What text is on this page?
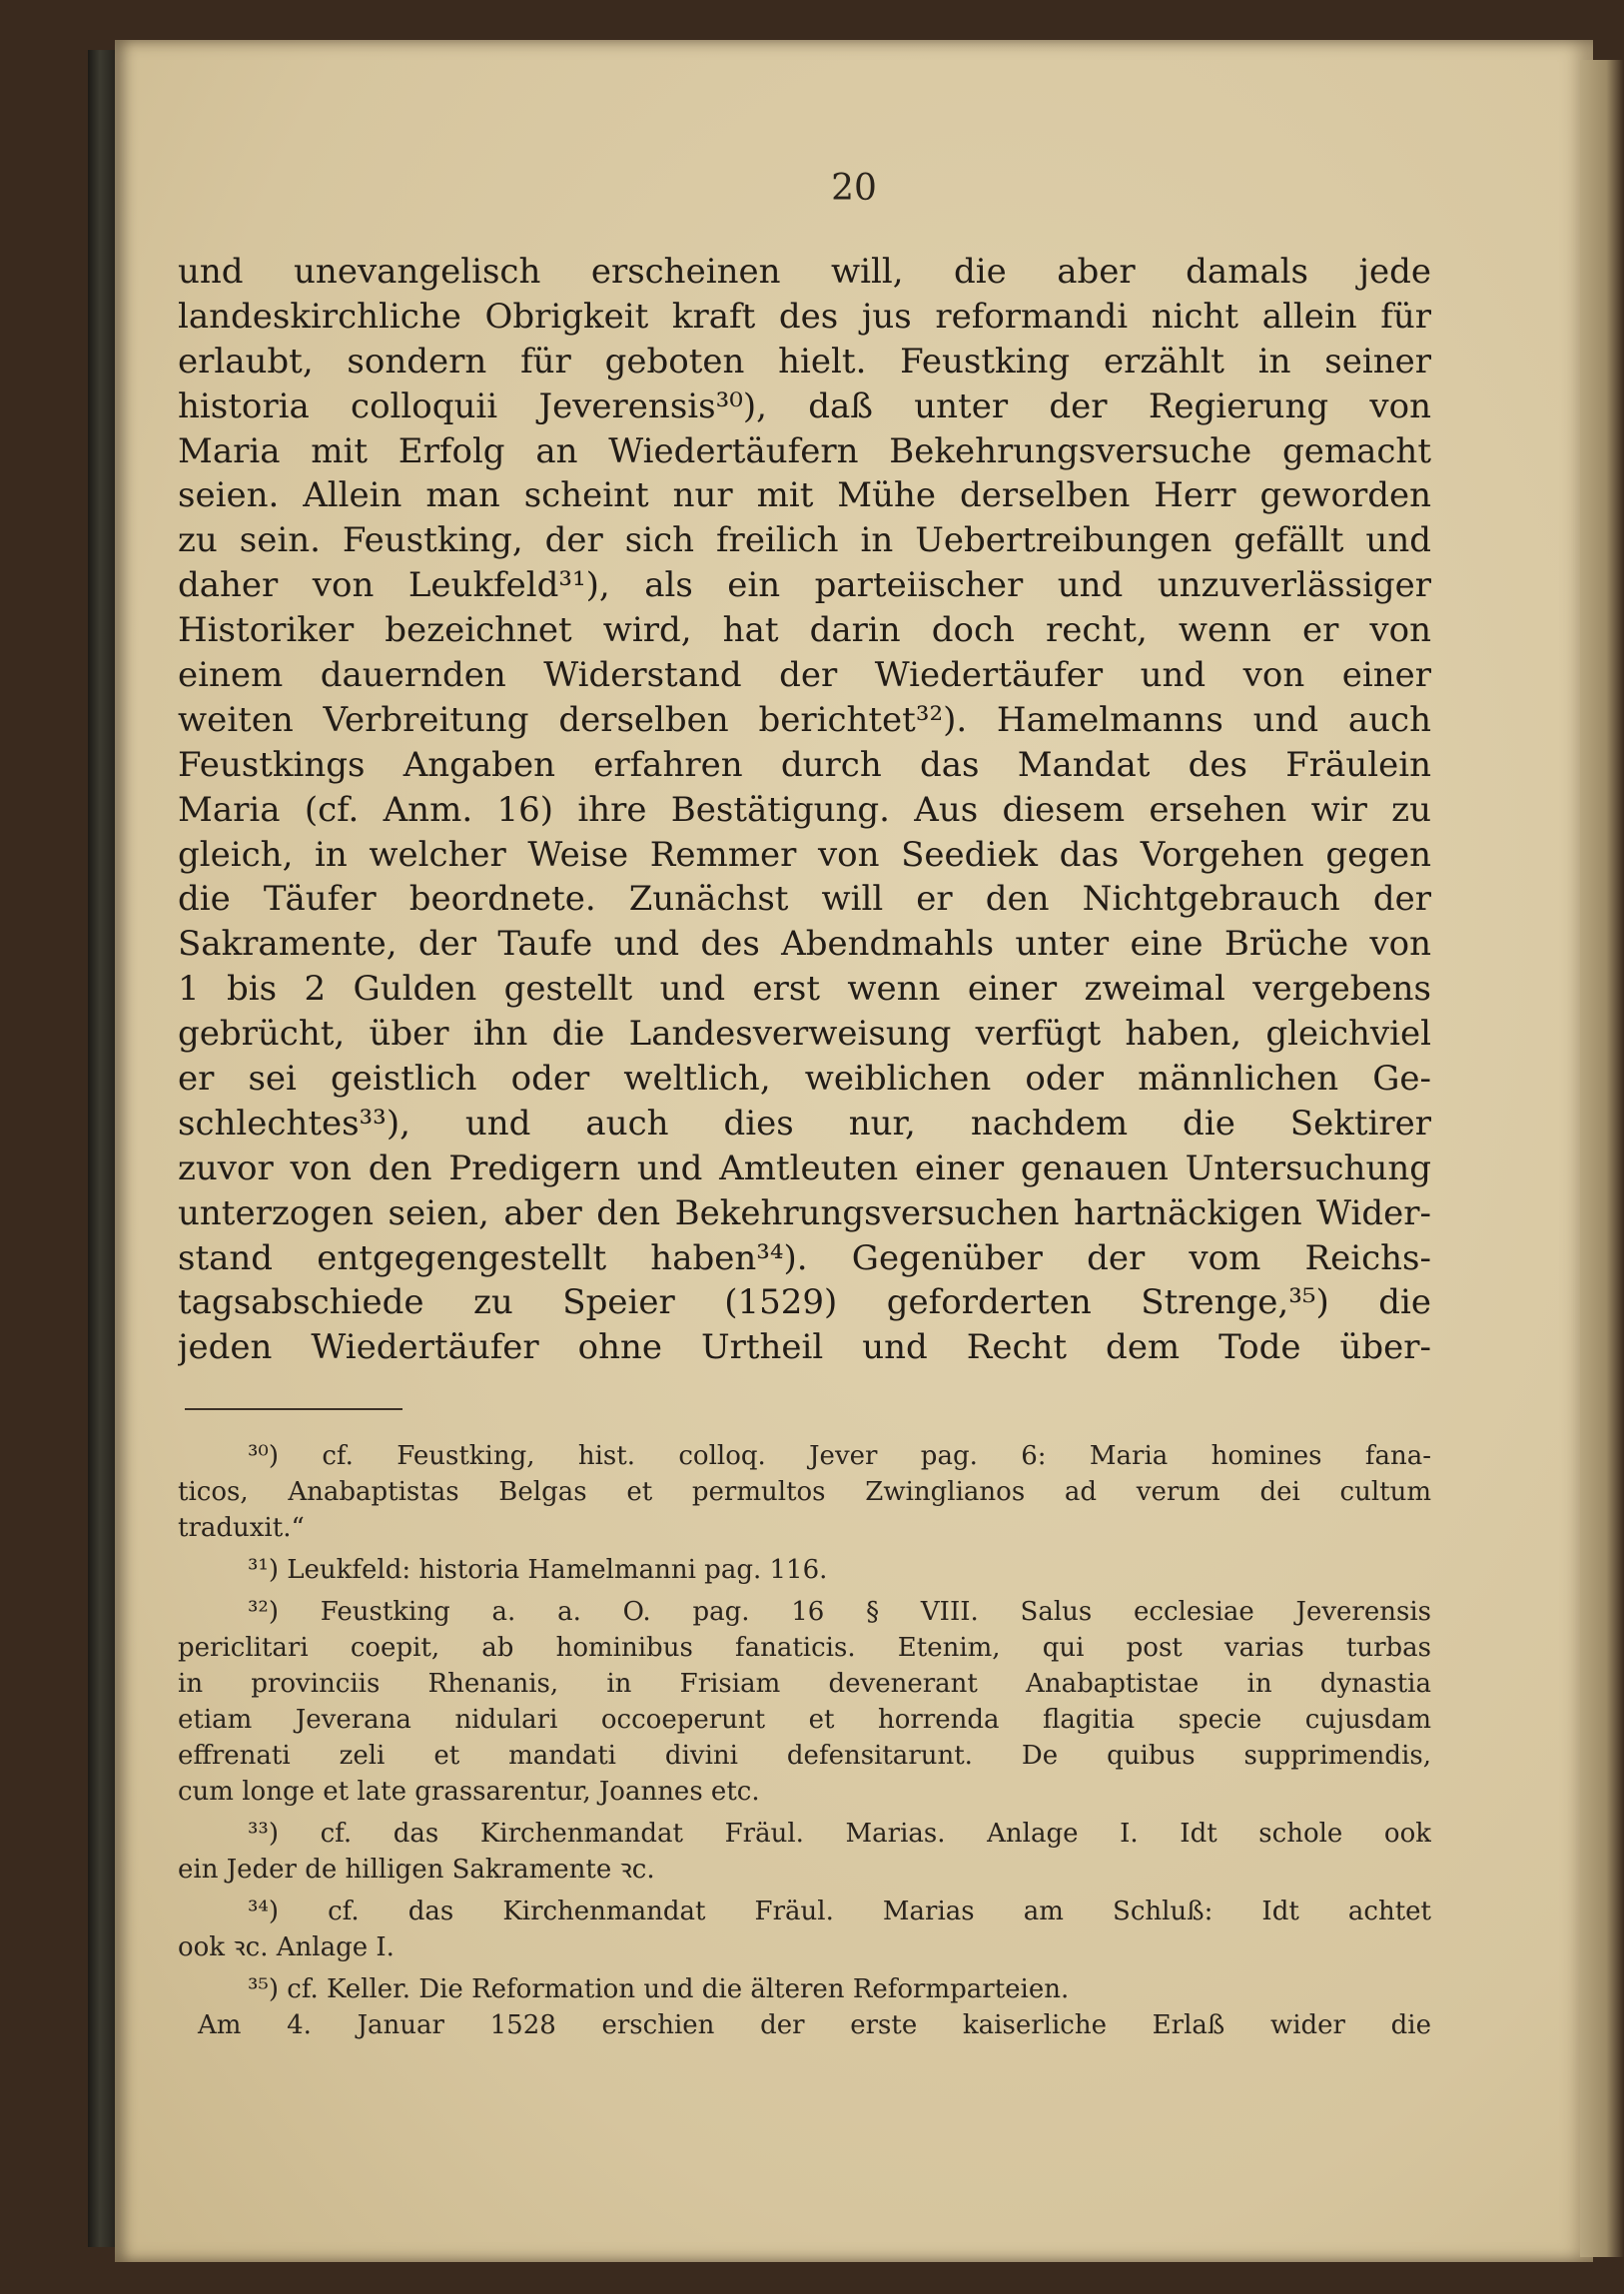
20
und unevangelisch erscheinen will, die aber damals jede
landeskirchliche Obrigkeit kraft des jus reformandi nicht allein für
erlaubt, sondern für geboten hielt. Feustking erzählt in seiner
historia colloquii Jeverensis³⁰), daß unter der Regierung von
Maria mit Erfolg an Wiedertäufern Bekehrungsversuche gemacht
seien. Allein man scheint nur mit Mühe derselben Herr geworden
zu sein. Feustking, der sich freilich in Uebertreibungen gefällt und
daher von Leukfeld³¹), als ein parteiischer und unzuverlässiger
Historiker bezeichnet wird, hat darin doch recht, wenn er von
einem dauernden Widerstand der Wiedertäufer und von einer
weiten Verbreitung derselben berichtet³²). Hamelmanns und auch
Feustkings Angaben erfahren durch das Mandat des Fräulein
Maria (cf. Anm. 16) ihre Bestätigung. Aus diesem ersehen wir zu
gleich, in welcher Weise Remmer von Seediek das Vorgehen gegen
die Täufer beordnete. Zunächst will er den Nichtgebrauch der
Sakramente, der Taufe und des Abendmahls unter eine Brüche von
1 bis 2 Gulden gestellt und erst wenn einer zweimal vergebens
gebrücht, über ihn die Landesverweisung verfügt haben, gleichviel
er sei geistlich oder weltlich, weiblichen oder männlichen Ge-
schlechtes³³), und auch dies nur, nachdem die Sektirer
zuvor von den Predigern und Amtleuten einer genauen Untersuchung
unterzogen seien, aber den Bekehrungsversuchen hartnäckigen Wider-
stand entgegengestellt haben³⁴). Gegenüber der vom Reichs-
tagsabschiede zu Speier (1529) geforderten Strenge,³⁵) die
jeden Wiedertäufer ohne Urtheil und Recht dem Tode über-
³⁰) cf. Feustking, hist. colloq. Jever pag. 6: Maria homines fana-
ticos, Anabaptistas Belgas et permultos Zwinglianos ad verum dei cultum
traduxit.“
³¹) Leukfeld: historia Hamelmanni pag. 116.
³²) Feustking a. a. O. pag. 16 § VIII. Salus ecclesiae Jeverensis
periclitari coepit, ab hominibus fanaticis. Etenim, qui post varias turbas
in provinciis Rhenanis, in Frisiam devenerant Anabaptistae in dynastia
etiam Jeverana nidulari occoeperunt et horrenda flagitia specie cujusdam
effrenati zeli et mandati divini defensitarunt. De quibus supprimendis,
cum longe et late grassarentur, Joannes etc.
³³) cf. das Kirchenmandat Fräul. Marias. Anlage I. Idt schole ook
ein Jeder de hilligen Sakramente ꝛc.
³⁴) cf. das Kirchenmandat Fräul. Marias am Schluß: Idt achtet
ook ꝛc. Anlage I.
³⁵) cf. Keller. Die Reformation und die älteren Reformparteien.
Am 4. Januar 1528 erschien der erste kaiserliche Erlaß wider die
